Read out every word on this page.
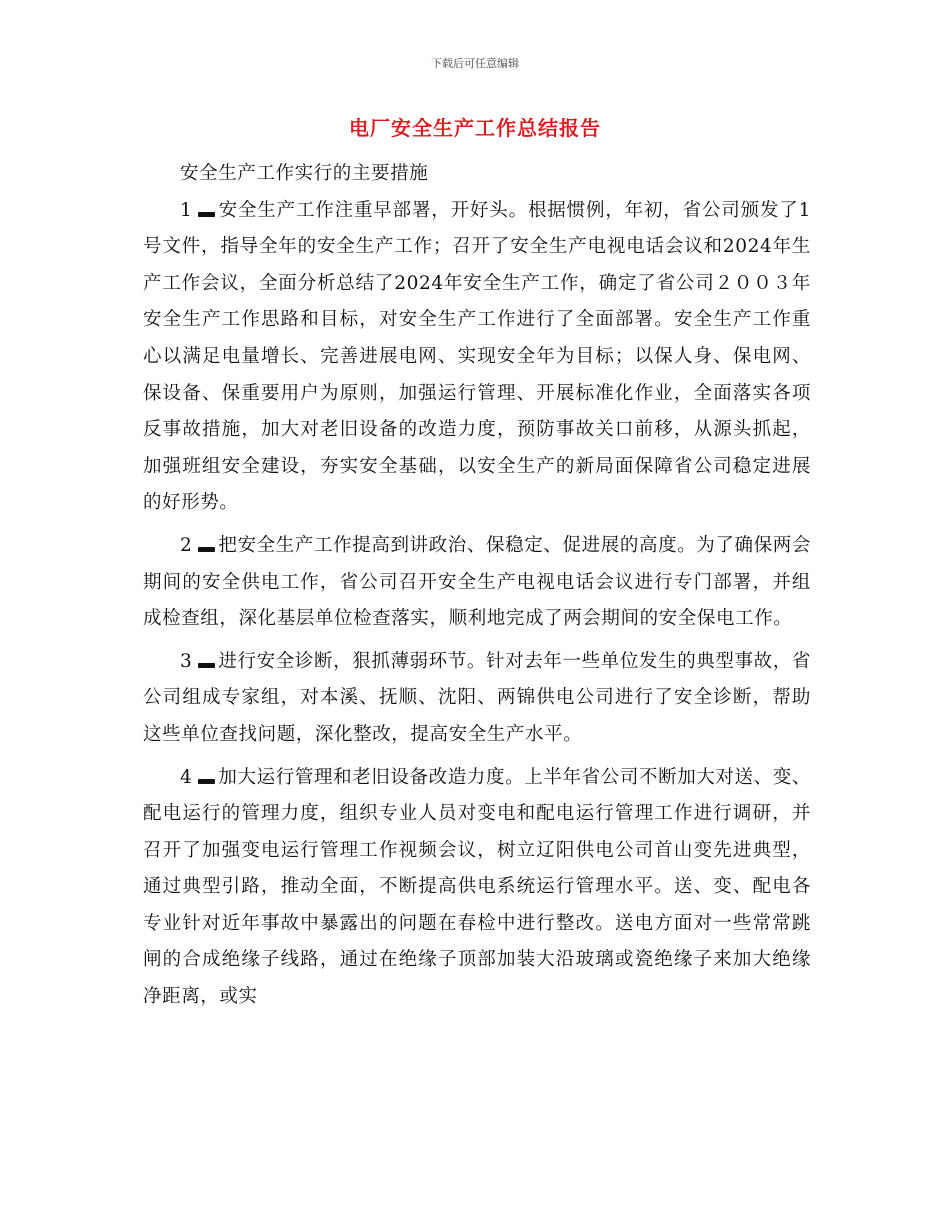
下载后可任意编辑
电厂安全生产工作总结报告

安全生产工作实行的主要措施

1 安全生产工作注重早部署，开好头。根据惯例，年初，省公司颁发了1号文件，指导全年的安全生产工作；召开了安全生产电视电话会议和2024年生产工作会议，全面分析总结了2024年安全生产工作，确定了省公司２００３年安全生产工作思路和目标，对安全生产工作进行了全面部署。安全生产工作重心以满足电量增长、完善进展电网、实现安全年为目标；以保人身、保电网、保设备、保重要用户为原则，加强运行管理、开展标准化作业，全面落实各项反事故措施，加大对老旧设备的改造力度，预防事故关口前移，从源头抓起，加强班组安全建设，夯实安全基础，以安全生产的新局面保障省公司稳定进展的好形势。

2 把安全生产工作提高到讲政治、保稳定、促进展的高度。为了确保两会期间的安全供电工作，省公司召开安全生产电视电话会议进行专门部署，并组成检查组，深化基层单位检查落实，顺利地完成了两会期间的安全保电工作。

3 进行安全诊断，狠抓薄弱环节。针对去年一些单位发生的典型事故，省公司组成专家组，对本溪、抚顺、沈阳、两锦供电公司进行了安全诊断，帮助这些单位查找问题，深化整改，提高安全生产水平。

4 加大运行管理和老旧设备改造力度。上半年省公司不断加大对送、变、配电运行的管理力度，组织专业人员对变电和配电运行管理工作进行调研，并召开了加强变电运行管理工作视频会议，树立辽阳供电公司首山变先进典型，通过典型引路，推动全面，不断提高供电系统运行管理水平。送、变、配电各专业针对近年事故中暴露出的问题在春检中进行整改。送电方面对一些常常跳闸的合成绝缘子线路，通过在绝缘子顶部加装大沿玻璃或瓷绝缘子来加大绝缘净距离，或实
